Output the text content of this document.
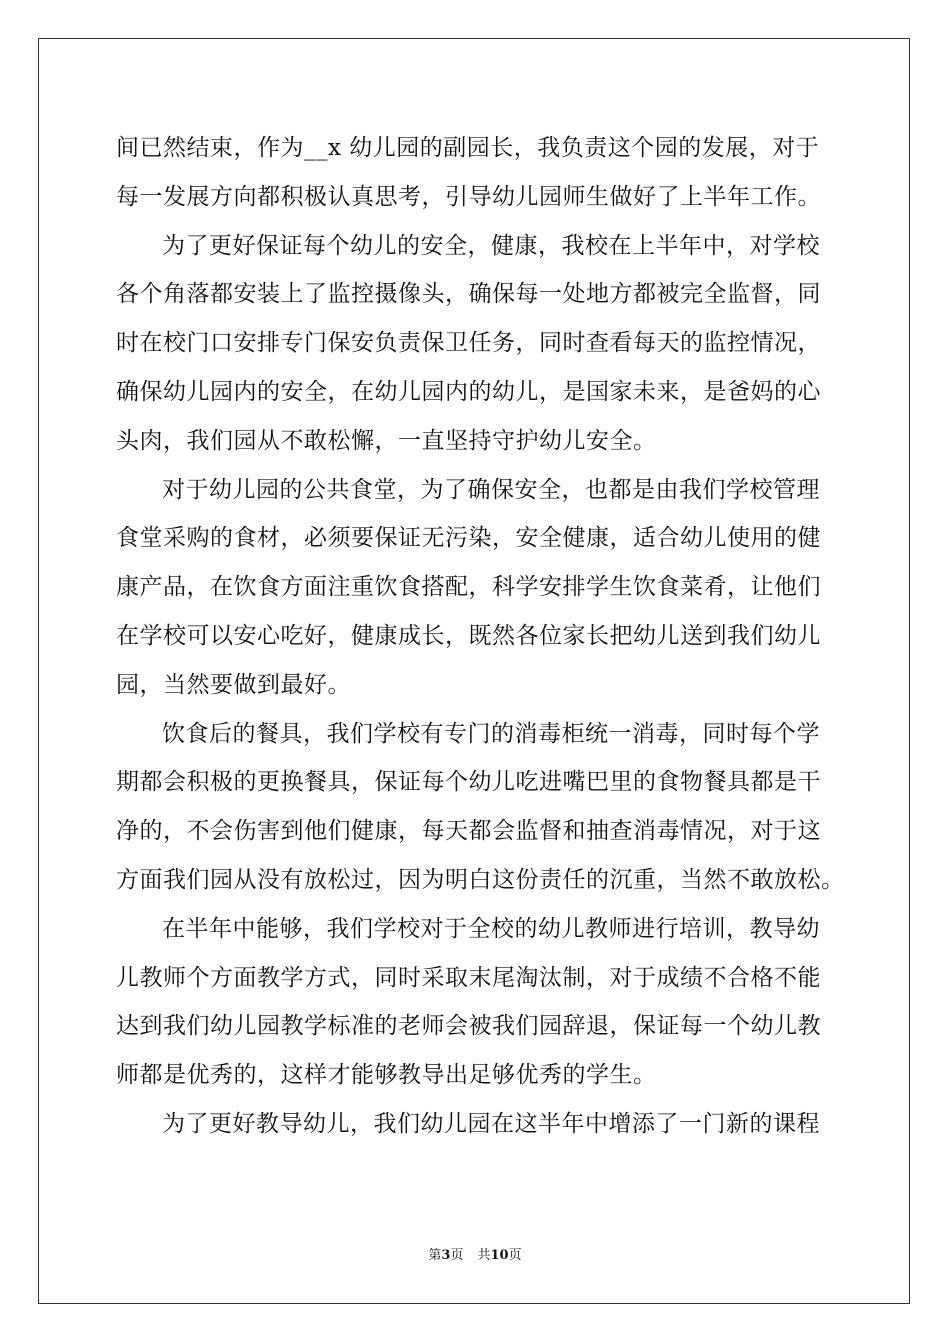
间已然结束，作为__x 幼儿园的副园长，我负责这个园的发展，对于
每一发展方向都积极认真思考，引导幼儿园师生做好了上半年工作。
为了更好保证每个幼儿的安全，健康，我校在上半年中，对学校
各个角落都安装上了监控摄像头，确保每一处地方都被完全监督，同
时在校门口安排专门保安负责保卫任务，同时查看每天的监控情况，
确保幼儿园内的安全，在幼儿园内的幼儿，是国家未来，是爸妈的心
头肉，我们园从不敢松懈，一直坚持守护幼儿安全。
对于幼儿园的公共食堂，为了确保安全，也都是由我们学校管理
食堂采购的食材，必须要保证无污染，安全健康，适合幼儿使用的健
康产品，在饮食方面注重饮食搭配，科学安排学生饮食菜肴，让他们
在学校可以安心吃好，健康成长，既然各位家长把幼儿送到我们幼儿
园，当然要做到最好。
饮食后的餐具，我们学校有专门的消毒柜统一消毒，同时每个学
期都会积极的更换餐具，保证每个幼儿吃进嘴巴里的食物餐具都是干
净的，不会伤害到他们健康，每天都会监督和抽查消毒情况，对于这
方面我们园从没有放松过，因为明白这份责任的沉重，当然不敢放松。
在半年中能够，我们学校对于全校的幼儿教师进行培训，教导幼
儿教师个方面教学方式，同时采取末尾淘汰制，对于成绩不合格不能
达到我们幼儿园教学标准的老师会被我们园辞退，保证每一个幼儿教
师都是优秀的，这样才能够教导出足够优秀的学生。
为了更好教导幼儿，我们幼儿园在这半年中增添了一门新的课程
第3页 共10页
